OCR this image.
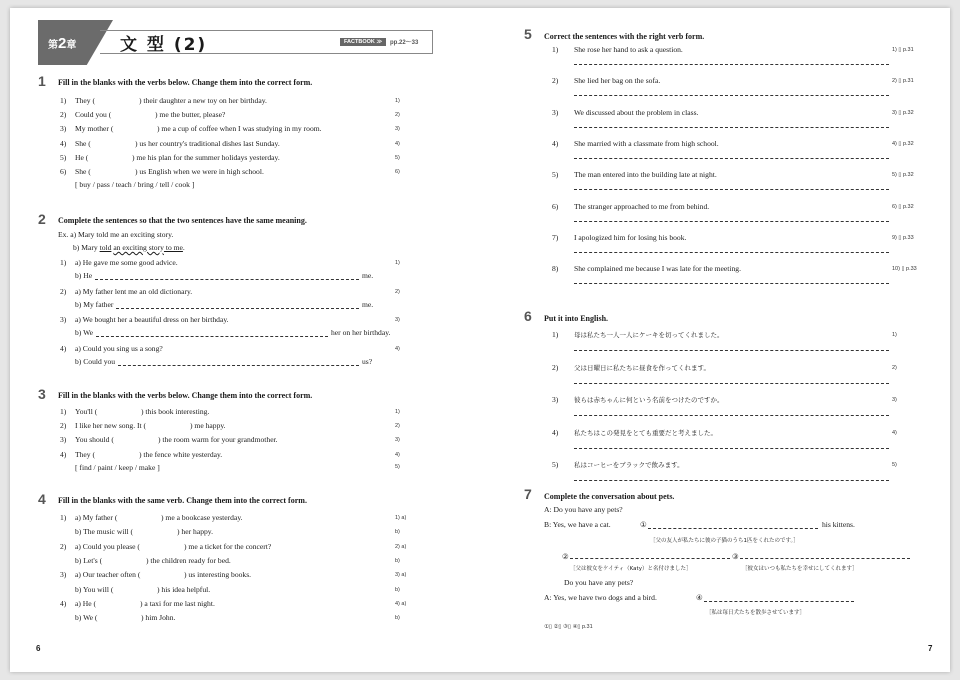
第2章	文 型 (2)	FACTBOOK ≫	pp.22〜33
1 Fill in the blanks with the verbs below. Change them into the correct form.
1) They (	) their daughter a new toy on her birthday.	1)
2) Could you (	) me the butter, please?	2)
3) My mother (	) me a cup of coffee when I was studying in my room.	3)
4) She (	) us her country's traditional dishes last Sunday.	4)
5) He (	) me his plan for the summer holidays yesterday.	5)
6) She (	) us English when we were in high school.	6)
[ buy / pass / teach / bring / tell / cook ]
2 Complete the sentences so that the two sentences have the same meaning.
Ex. a) Mary told me an exciting story.
b) Mary told an exciting story to me.
1) a) He gave me some good advice.
b) He	me.
1)
2) a) My father lent me an old dictionary.
b) My father	me.
2)
3) a) We bought her a beautiful dress on her birthday.
b) We	her on her birthday.
3)
4) a) Could you sing us a song?
b) Could you	us?
4)
3 Fill in the blanks with the verbs below. Change them into the correct form.
1) You'll (	) this book interesting.	1)
2) I like her new song. It (	) me happy.	2)
3) You should (	) the room warm for your grandmother.	3)
4) They (	) the fence white yesterday.	4)
[ find / paint / keep / make ]	5)
4 Fill in the blanks with the same verb. Change them into the correct form.
1) a) My father (	) me a bookcase yesterday.	1) a)
b) The music will (	) her happy.	b)
2) a) Could you please (	) me a ticket for the concert?	2) a)
b) Let's (	) the children ready for bed.	b)
3) a) Our teacher often (	) us interesting books.	3) a)
b) You will (	) his idea helpful.	b)
4) a) He (	) a taxi for me last night.	4) a)
b) We (	) him John.	b)
6
5 Correct the sentences with the right verb form.
1) She rose her hand to ask a question.	1) ▯ p.31
2) She lied her bag on the sofa.	2) ▯ p.31
3) We discussed about the problem in class.	3) ▯ p.32
4) She married with a classmate from high school.	4) ▯ p.32
5) The man entered into the building late at night.	5) ▯ p.32
6) The stranger approached to me from behind.	6) ▯ p.32
7) I apologized him for losing his book.	9) ▯ p.33
8) She complained me because I was late for the meeting.	10) ▯ p.33
6 Put it into English.
1) 母は私たち一人一人にケーキを切ってくれました。	1)
2) 父は日曜日に私たちに昼食を作ってくれます。	2)
3) 彼らは赤ちゃんに何という名前をつけたのですか。	3)
4) 私たちはこの発見をとても重要だと考えました。	4)
5) 私はコーヒーをブラックで飲みます。	5)
7 Complete the conversation about pets.
A: Do you have any pets?
B: Yes, we have a cat.	①	his kittens.
［父の友人が私たちに彼の子猫のうち1匹をくれたのです。］
②	③
［父は彼女をケイティ（Katy）と名付けました］	［彼女はいつも私たちを幸せにしてくれます］
Do you have any pets?
A: Yes, we have two dogs and a bird.	④
［私は毎日犬たちを散歩させています］
①▯ ②▯ ③▯ ④▯ p.31
7
